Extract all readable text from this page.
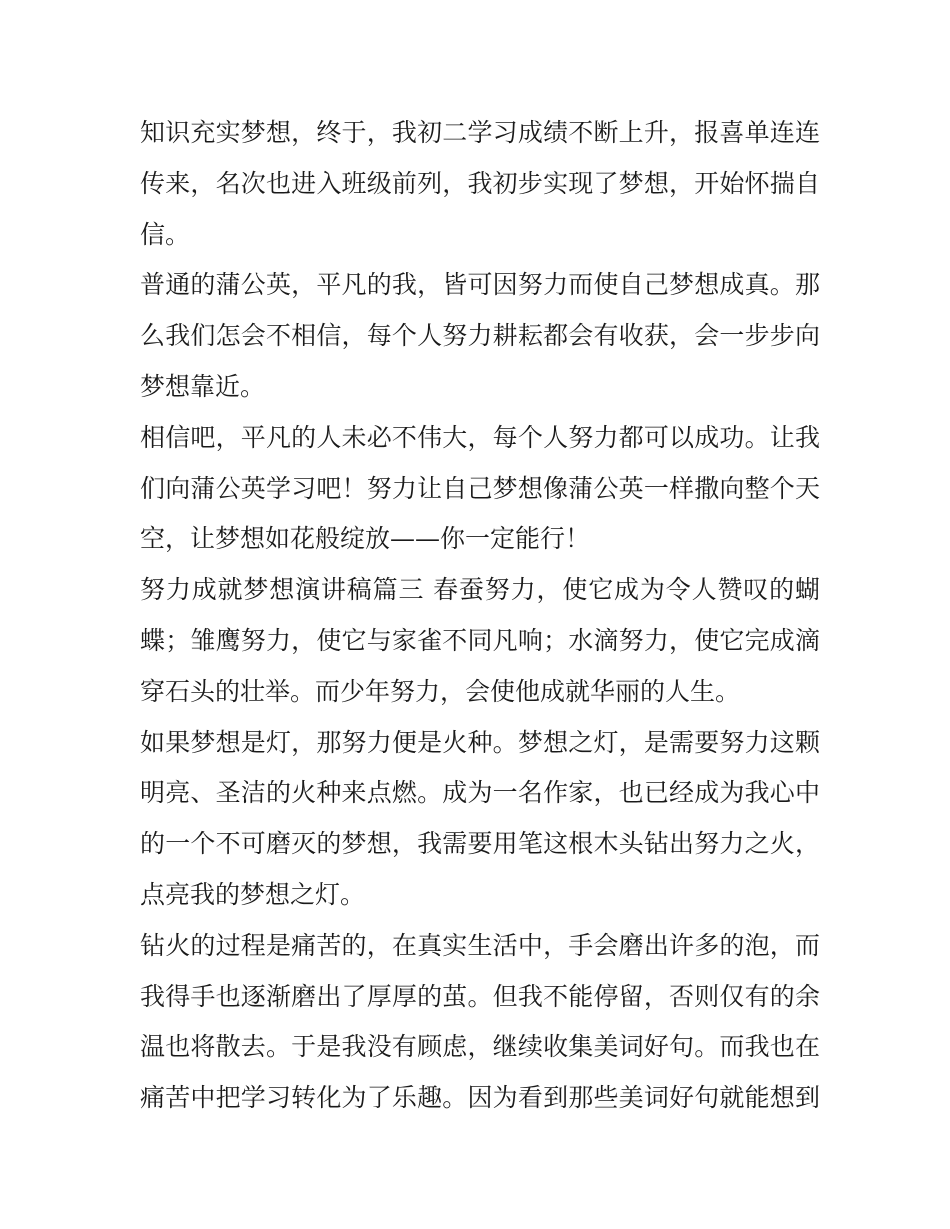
知识充实梦想，终于，我初二学习成绩不断上升，报喜单连连
传来，名次也进入班级前列，我初步实现了梦想，开始怀揣自
信。
普通的蒲公英，平凡的我，皆可因努力而使自己梦想成真。那
么我们怎会不相信，每个人努力耕耘都会有收获，会一步步向
梦想靠近。
相信吧，平凡的人未必不伟大，每个人努力都可以成功。让我
们向蒲公英学习吧！努力让自己梦想像蒲公英一样撒向整个天
空，让梦想如花般绽放——你一定能行！
努力成就梦想演讲稿篇三 春蚕努力，使它成为令人赞叹的蝴
蝶；雏鹰努力，使它与家雀不同凡响；水滴努力，使它完成滴
穿石头的壮举。而少年努力，会使他成就华丽的人生。
如果梦想是灯，那努力便是火种。梦想之灯，是需要努力这颗
明亮、圣洁的火种来点燃。成为一名作家，也已经成为我心中
的一个不可磨灭的梦想，我需要用笔这根木头钻出努力之火，
点亮我的梦想之灯。
钻火的过程是痛苦的，在真实生活中，手会磨出许多的泡，而
我得手也逐渐磨出了厚厚的茧。但我不能停留，否则仅有的余
温也将散去。于是我没有顾虑，继续收集美词好句。而我也在
痛苦中把学习转化为了乐趣。因为看到那些美词好句就能想到
